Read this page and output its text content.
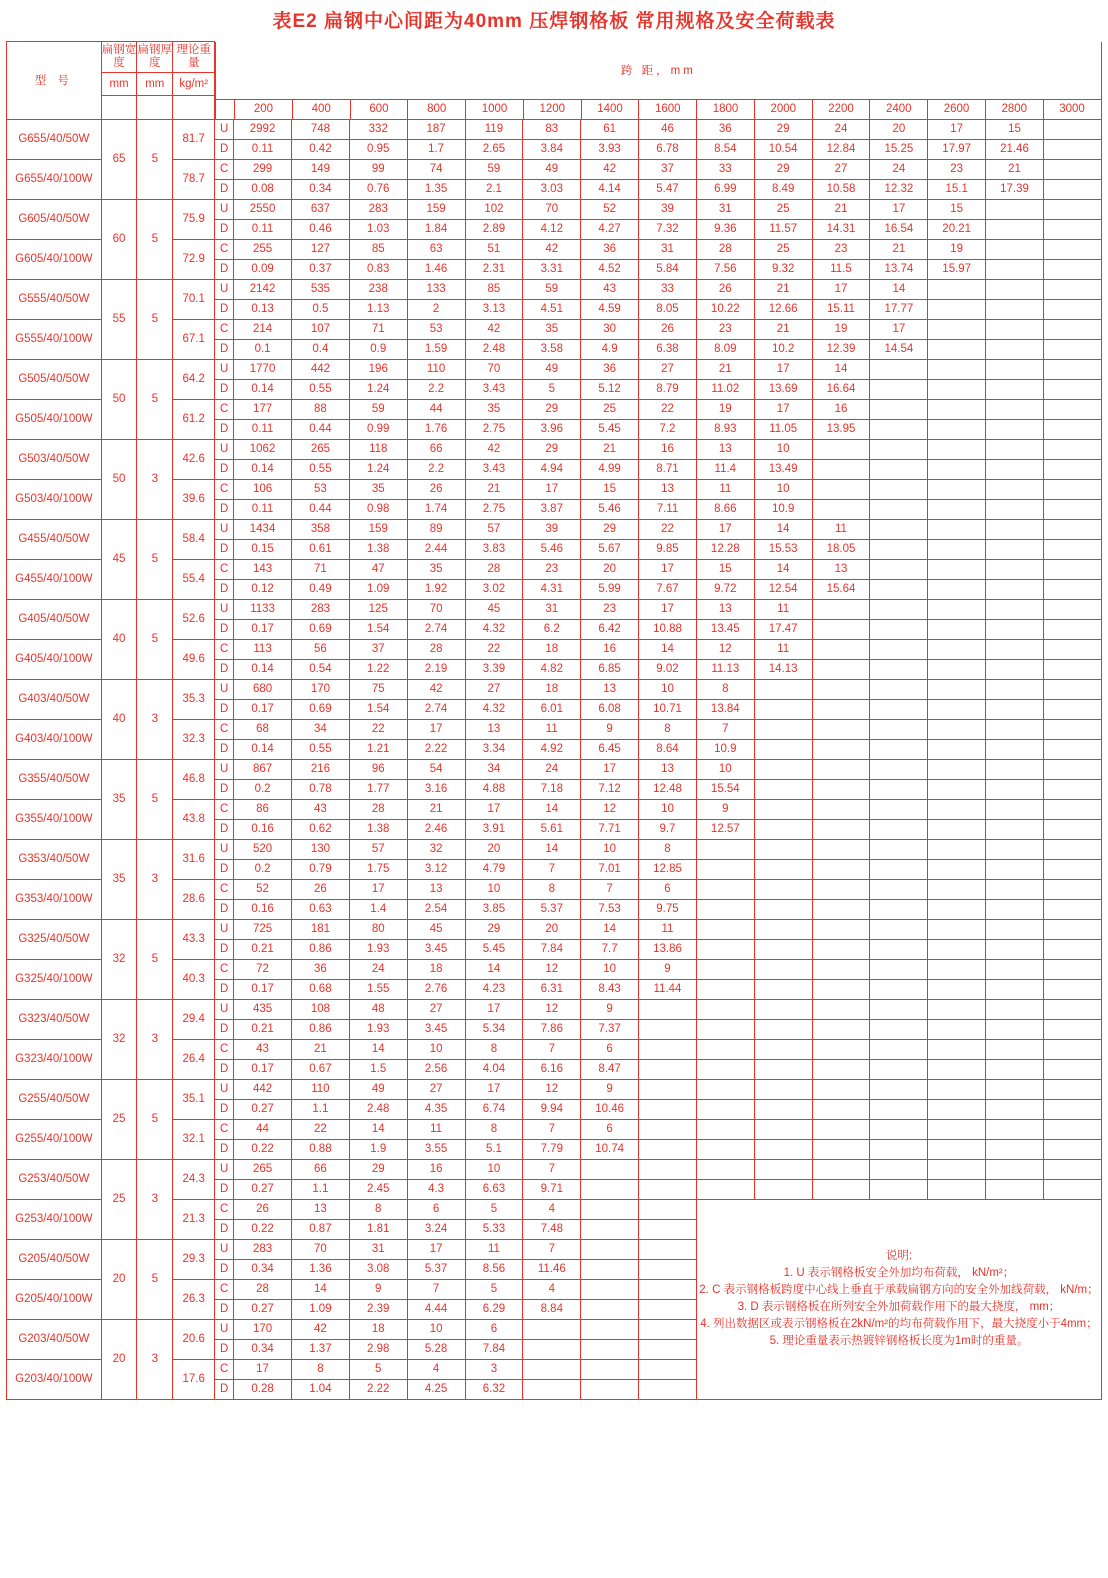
表E2 扁钢中心间距为40mm 压焊钢格板 常用规格及安全荷载表
型 号	扁钢宽度	扁钢厚度	理论重量	
跨 距，mm
	200	400	600	800	1000	1200	1400	1600	1800	2000	2200	2400	2600	2800	3000

mm	mm	kg/m²

G655/40/50W	65	5	81.7	U	2992	748	332	187	119	83	61	46	36	29	24	20	17	15	
D	0.11	0.42	0.95	1.7	2.65	3.84	3.93	6.78	8.54	10.54	12.84	15.25	17.97	21.46	
G655/40/100W	78.7	C	299	149	99	74	59	49	42	37	33	29	27	24	23	21	
D	0.08	0.34	0.76	1.35	2.1	3.03	4.14	5.47	6.99	8.49	10.58	12.32	15.1	17.39	
G605/40/50W	60	5	75.9	U	2550	637	283	159	102	70	52	39	31	25	21	17	15		
D	0.11	0.46	1.03	1.84	2.89	4.12	4.27	7.32	9.36	11.57	14.31	16.54	20.21		
G605/40/100W	72.9	C	255	127	85	63	51	42	36	31	28	25	23	21	19		
D	0.09	0.37	0.83	1.46	2.31	3.31	4.52	5.84	7.56	9.32	11.5	13.74	15.97		
G555/40/50W	55	5	70.1	U	2142	535	238	133	85	59	43	33	26	21	17	14			
D	0.13	0.5	1.13	2	3.13	4.51	4.59	8.05	10.22	12.66	15.11	17.77			
G555/40/100W	67.1	C	214	107	71	53	42	35	30	26	23	21	19	17			
D	0.1	0.4	0.9	1.59	2.48	3.58	4.9	6.38	8.09	10.2	12.39	14.54			
G505/40/50W	50	5	64.2	U	1770	442	196	110	70	49	36	27	21	17	14				
D	0.14	0.55	1.24	2.2	3.43	5	5.12	8.79	11.02	13.69	16.64				
G505/40/100W	61.2	C	177	88	59	44	35	29	25	22	19	17	16				
D	0.11	0.44	0.99	1.76	2.75	3.96	5.45	7.2	8.93	11.05	13.95				
G503/40/50W	50	3	42.6	U	1062	265	118	66	42	29	21	16	13	10					
D	0.14	0.55	1.24	2.2	3.43	4.94	4.99	8.71	11.4	13.49					
G503/40/100W	39.6	C	106	53	35	26	21	17	15	13	11	10					
D	0.11	0.44	0.98	1.74	2.75	3.87	5.46	7.11	8.66	10.9					
G455/40/50W	45	5	58.4	U	1434	358	159	89	57	39	29	22	17	14	11				
D	0.15	0.61	1.38	2.44	3.83	5.46	5.67	9.85	12.28	15.53	18.05				
G455/40/100W	55.4	C	143	71	47	35	28	23	20	17	15	14	13				
D	0.12	0.49	1.09	1.92	3.02	4.31	5.99	7.67	9.72	12.54	15.64				
G405/40/50W	40	5	52.6	U	1133	283	125	70	45	31	23	17	13	11					
D	0.17	0.69	1.54	2.74	4.32	6.2	6.42	10.88	13.45	17.47					
G405/40/100W	49.6	C	113	56	37	28	22	18	16	14	12	11					
D	0.14	0.54	1.22	2.19	3.39	4.82	6.85	9.02	11.13	14.13					
G403/40/50W	40	3	35.3	U	680	170	75	42	27	18	13	10	8						
D	0.17	0.69	1.54	2.74	4.32	6.01	6.08	10.71	13.84						
G403/40/100W	32.3	C	68	34	22	17	13	11	9	8	7						
D	0.14	0.55	1.21	2.22	3.34	4.92	6.45	8.64	10.9						
G355/40/50W	35	5	46.8	U	867	216	96	54	34	24	17	13	10						
D	0.2	0.78	1.77	3.16	4.88	7.18	7.12	12.48	15.54						
G355/40/100W	43.8	C	86	43	28	21	17	14	12	10	9						
D	0.16	0.62	1.38	2.46	3.91	5.61	7.71	9.7	12.57						
G353/40/50W	35	3	31.6	U	520	130	57	32	20	14	10	8							
D	0.2	0.79	1.75	3.12	4.79	7	7.01	12.85							
G353/40/100W	28.6	C	52	26	17	13	10	8	7	6							
D	0.16	0.63	1.4	2.54	3.85	5.37	7.53	9.75							
G325/40/50W	32	5	43.3	U	725	181	80	45	29	20	14	11							
D	0.21	0.86	1.93	3.45	5.45	7.84	7.7	13.86							
G325/40/100W	40.3	C	72	36	24	18	14	12	10	9							
D	0.17	0.68	1.55	2.76	4.23	6.31	8.43	11.44							
G323/40/50W	32	3	29.4	U	435	108	48	27	17	12	9								
D	0.21	0.86	1.93	3.45	5.34	7.86	7.37								
G323/40/100W	26.4	C	43	21	14	10	8	7	6								
D	0.17	0.67	1.5	2.56	4.04	6.16	8.47								
G255/40/50W	25	5	35.1	U	442	110	49	27	17	12	9								
D	0.27	1.1	2.48	4.35	6.74	9.94	10.46								
G255/40/100W	32.1	C	44	22	14	11	8	7	6								
D	0.22	0.88	1.9	3.55	5.1	7.79	10.74								
G253/40/50W	25	3	24.3	U	265	66	29	16	10	7									
D	0.27	1.1	2.45	4.3	6.63	9.71									
G253/40/100W	21.3	C	26	13	8	6	5	4			
说明:
1. U 表示钢格板安全外加均布荷载， kN/m²；
2. C 表示钢格板跨度中心线上垂直于承载扁钢方向的安全外加线荷载， kN/m；
3. D 表示钢格板在所列安全外加荷载作用下的最大挠度， mm；
4. 列出数据区或表示钢格板在2kN/m²的均布荷载作用下，最大挠度小于4mm；
5. 理论重量表示热镀锌钢格板长度为1m时的重量。

D	0.22	0.87	1.81	3.24	5.33	7.48		
G205/40/50W	20	5	29.3	U	283	70	31	17	11	7		
D	0.34	1.36	3.08	5.37	8.56	11.46		
G205/40/100W	26.3	C	28	14	9	7	5	4		
D	0.27	1.09	2.39	4.44	6.29	8.84		
G203/40/50W	20	3	20.6	U	170	42	18	10	6			
D	0.34	1.37	2.98	5.28	7.84			
G203/40/100W	17.6	C	17	8	5	4	3			
D	0.28	1.04	2.22	4.25	6.32			
